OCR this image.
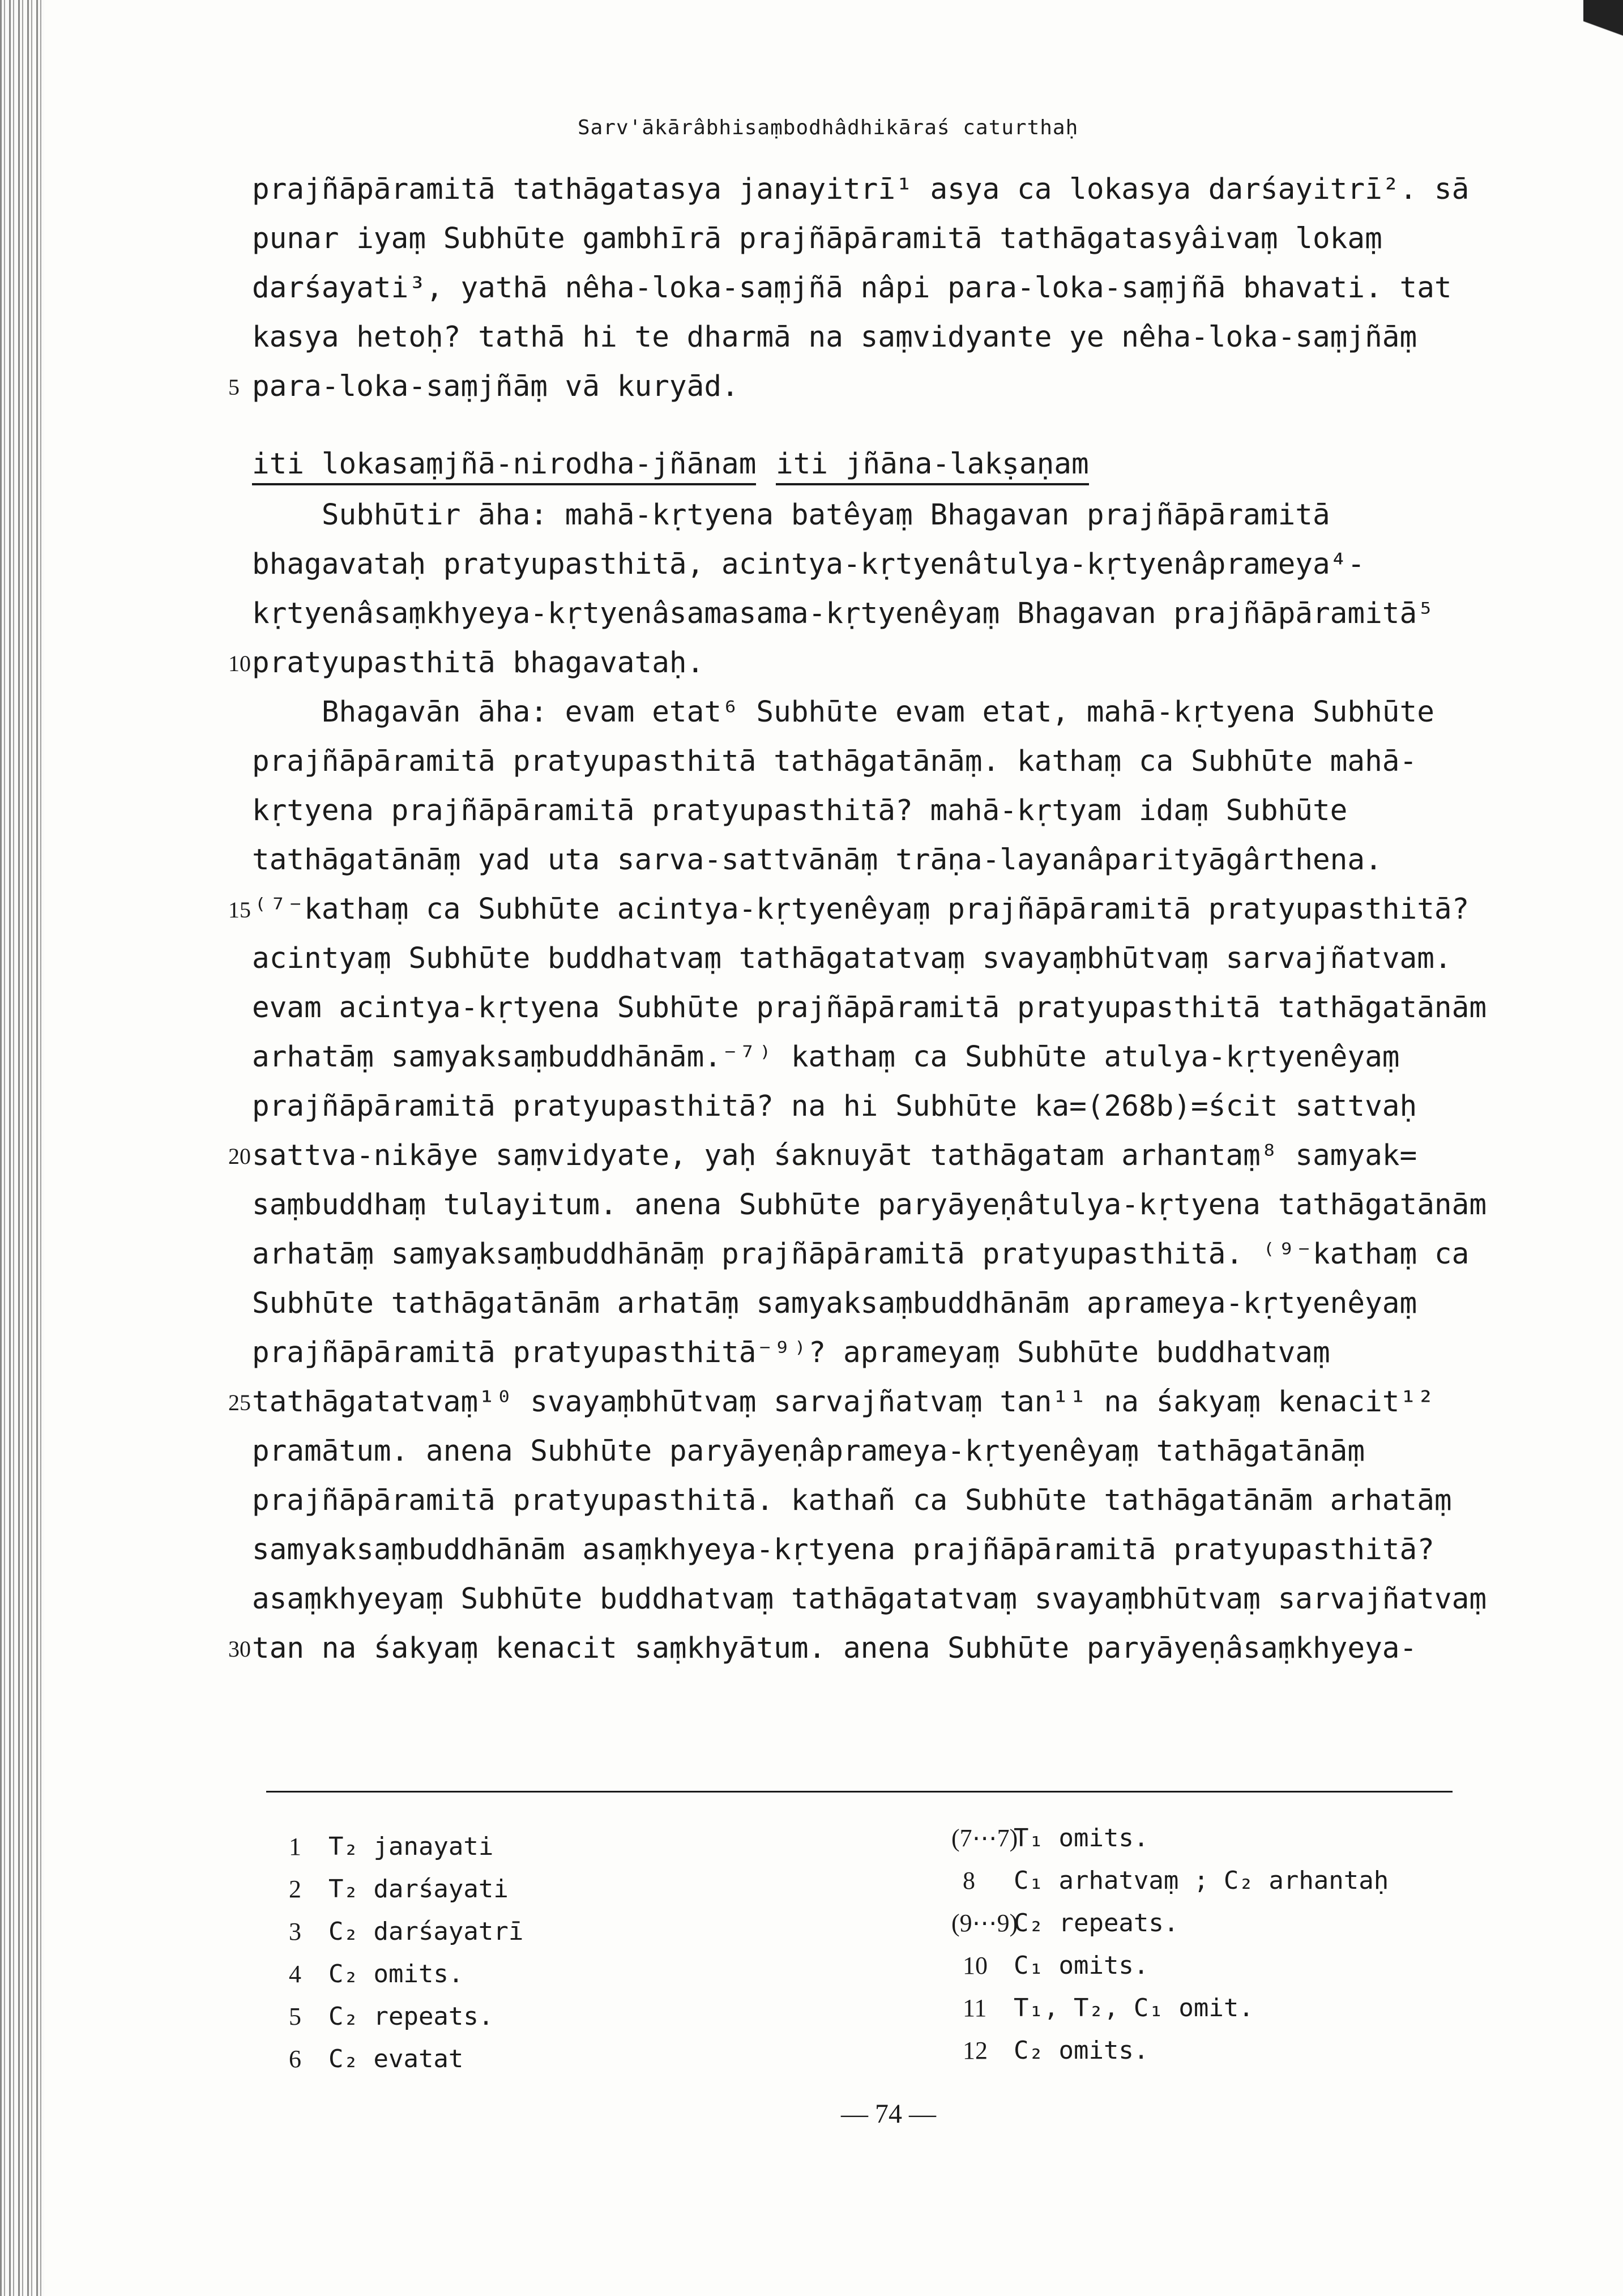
Sarv'ākārâbhisaṃbodhâdhikāraś caturthaḥ
prajñāpāramitā tathāgatasya janayitrī¹ asya ca lokasya darśayitrī². sā
punar iyaṃ Subhūte gambhīrā prajñāpāramitā tathāgatasyâivaṃ lokaṃ
darśayati³, yathā nêha-loka-saṃjñā nâpi para-loka-saṃjñā bhavati. tat
kasya hetoḥ? tathā hi te dharmā na saṃvidyante ye nêha-loka-saṃjñāṃ
para-loka-saṃjñāṃ vā kuryād.
iti lokasaṃjñā-nirodha-jñānam iti jñāna-lakṣaṇam
Subhūtir āha: mahā-kṛtyena batêyaṃ Bhagavan prajñāpāramitā
bhagavataḥ pratyupasthitā, acintya-kṛtyenâtulya-kṛtyenâprameya⁴-
kṛtyenâsaṃkhyeya-kṛtyenâsamasama-kṛtyenêyaṃ Bhagavan prajñāpāramitā⁵
pratyupasthitā bhagavataḥ.
Bhagavān āha: evam etat⁶ Subhūte evam etat, mahā-kṛtyena Subhūte
prajñāpāramitā pratyupasthitā tathāgatānāṃ. kathaṃ ca Subhūte mahā-
kṛtyena prajñāpāramitā pratyupasthitā? mahā-kṛtyam idaṃ Subhūte
tathāgatānāṃ yad uta sarva-sattvānāṃ trāṇa-layanâparityāgârthena.
⁽⁷⁻kathaṃ ca Subhūte acintya-kṛtyenêyaṃ prajñāpāramitā pratyupasthitā?
acintyaṃ Subhūte buddhatvaṃ tathāgatatvaṃ svayaṃbhūtvaṃ sarvajñatvam.
evam acintya-kṛtyena Subhūte prajñāpāramitā pratyupasthitā tathāgatānām
arhatāṃ samyaksaṃbuddhānām.⁻⁷⁾ kathaṃ ca Subhūte atulya-kṛtyenêyaṃ
prajñāpāramitā pratyupasthitā? na hi Subhūte ka=(268b)=ścit sattvaḥ
sattva-nikāye saṃvidyate, yaḥ śaknuyāt tathāgatam arhantaṃ⁸ samyak=
saṃbuddhaṃ tulayitum. anena Subhūte paryāyeṇâtulya-kṛtyena tathāgatānām
arhatāṃ samyaksaṃbuddhānāṃ prajñāpāramitā pratyupasthitā. ⁽⁹⁻kathaṃ ca
Subhūte tathāgatānām arhatāṃ samyaksaṃbuddhānām aprameya-kṛtyenêyaṃ
prajñāpāramitā pratyupasthitā⁻⁹⁾? aprameyaṃ Subhūte buddhatvaṃ
tathāgatatvaṃ¹⁰ svayaṃbhūtvaṃ sarvajñatvaṃ tan¹¹ na śakyaṃ kenacit¹²
pramātum. anena Subhūte paryāyeṇâprameya-kṛtyenêyaṃ tathāgatānāṃ
prajñāpāramitā pratyupasthitā. kathañ ca Subhūte tathāgatānām arhatāṃ
samyaksaṃbuddhānām asaṃkhyeya-kṛtyena prajñāpāramitā pratyupasthitā?
asaṃkhyeyaṃ Subhūte buddhatvaṃ tathāgatatvaṃ svayaṃbhūtvaṃ sarvajñatvaṃ
tan na śakyaṃ kenacit saṃkhyātum. anena Subhūte paryāyeṇâsaṃkhyeya-
5
10
15
20
25
30
1 T₂ janayati
2 T₂ darśayati
3 C₂ darśayatrī
4 C₂ omits.
5 C₂ repeats.
6 C₂ evatat
(7⋯7)T₁ omits.
8 C₁ arhatvaṃ ; C₂ arhantaḥ
(9⋯9)C₂ repeats.
10 C₁ omits.
11 T₁, T₂, C₁ omit.
12 C₂ omits.
— 74 —
